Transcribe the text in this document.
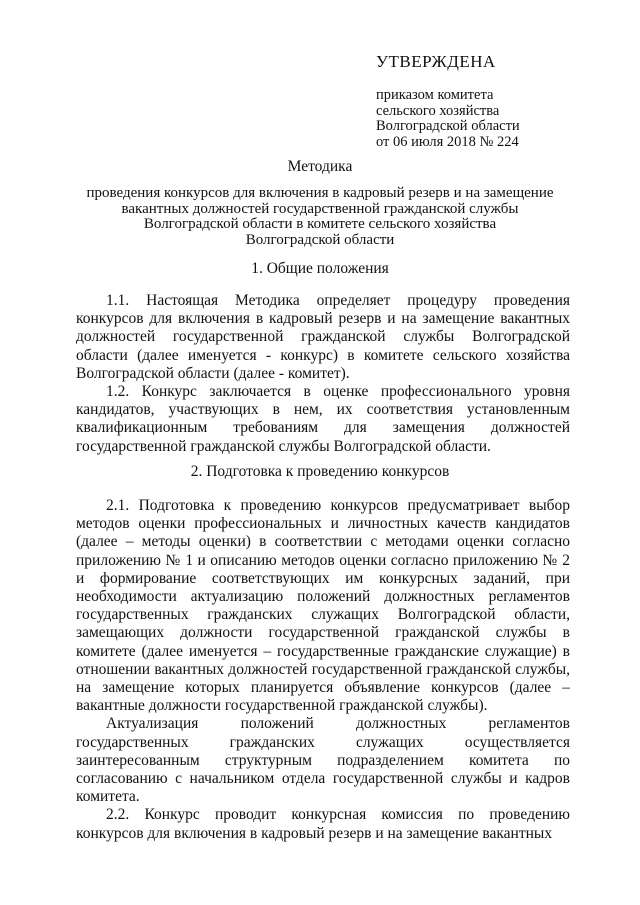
УТВЕРЖДЕНА
приказом комитета
сельского хозяйства
Волгоградской области
от 06 июля 2018 № 224
Методика
проведения конкурсов для включения в кадровый резерв и на замещение
вакантных должностей государственной гражданской службы
Волгоградской области в комитете сельского хозяйства
Волгоградской области
1. Общие положения

1.1. Настоящая Методика определяет процедуру проведения конкурсов для включения в кадровый резерв и на замещение вакантных должностей государственной гражданской службы Волгоградской области (далее именуется - конкурс) в комитете сельского хозяйства Волгоградской области (далее - комитет).

1.2. Конкурс заключается в оценке профессионального уровня кандидатов, участвующих в нем, их соответствия установленным квалификационным требованиям для замещения должностей государственной гражданской службы Волгоградской области.

2. Подготовка к проведению конкурсов

2.1. Подготовка к проведению конкурсов предусматривает выбор методов оценки профессиональных и личностных качеств кандидатов (далее – методы оценки) в соответствии с методами оценки согласно приложению № 1 и описанию методов оценки согласно приложению № 2 и формирование соответствующих им конкурсных заданий, при необходимости актуализацию положений должностных регламентов государственных гражданских служащих Волгоградской области, замещающих должности государственной гражданской службы в комитете (далее именуется – государственные гражданские служащие) в отношении вакантных должностей государственной гражданской службы, на замещение которых планируется объявление конкурсов (далее – вакантные должности государственной гражданской службы).

Актуализация положений должностных регламентов государственных гражданских служащих осуществляется заинтересованным структурным подразделением комитета по согласованию с начальником отдела государственной службы и кадров комитета.

2.2. Конкурс проводит конкурсная комиссия по проведению конкурсов для включения в кадровый резерв и на замещение вакантных
